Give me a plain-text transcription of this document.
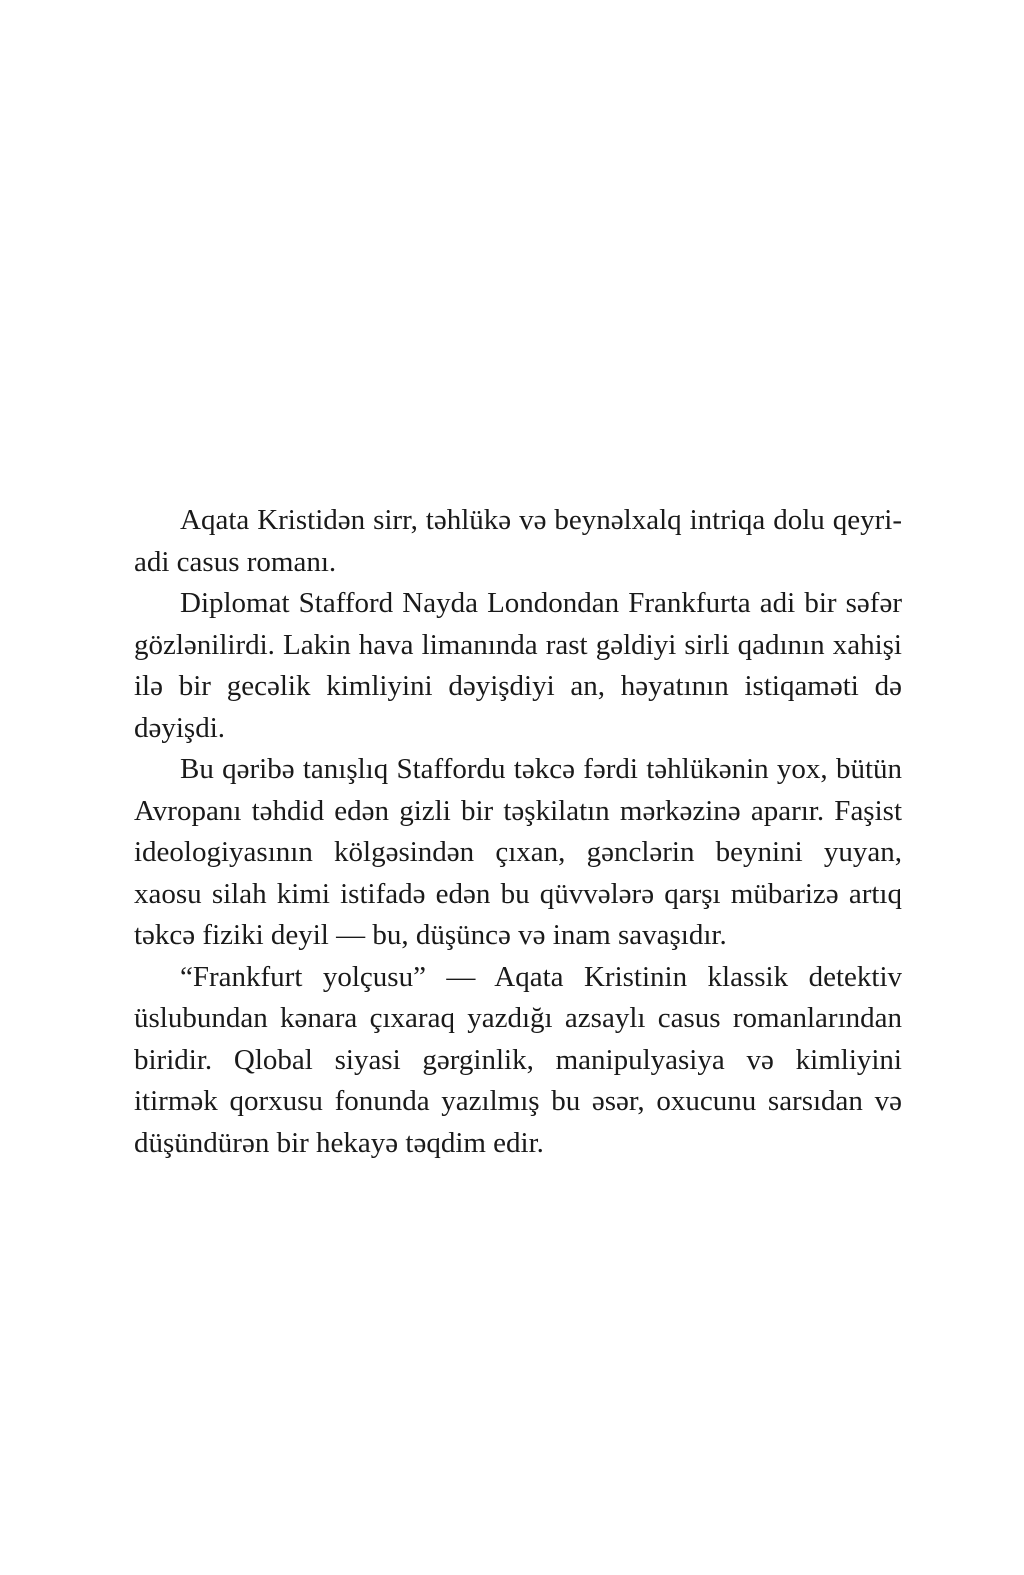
Aqata Kristidən sirr, təhlükə və beynəlxalq intriqa dolu qeyri-adi casus romanı.

Diplomat Stafford Nayda Londondan Frankfurta adi bir səfər gözlənilirdi. Lakin hava limanında rast gəldiyi sirli qadının xahişi ilə bir gecəlik kimliyini dəyişdiyi an, həyatının istiqaməti də dəyişdi.

Bu qəribə tanışlıq Staffordu təkcə fərdi təhlükənin yox, bütün Avropanı təhdid edən gizli bir təşkilatın mərkəzinə aparır. Faşist ideologiyasının kölgəsindən çıxan, gənclərin beynini yuyan, xaosu silah kimi istifadə edən bu qüvvələrə qarşı mübarizə artıq təkcə fiziki deyil — bu, düşüncə və inam savaşıdır.

“Frankfurt yolçusu” — Aqata Kristinin klassik detektiv üslubundan kənara çıxaraq yazdığı azsaylı casus romanlarından biridir. Qlobal siyasi gərginlik, manipulyasiya və kimliyini itirmək qorxusu fonunda yazılmış bu əsər, oxucunu sarsıdan və düşündürən bir hekayə təqdim edir.
